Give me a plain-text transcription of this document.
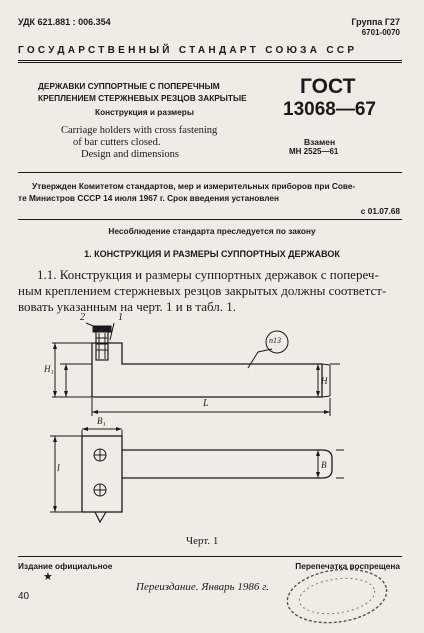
УДК 621.881 : 006.354	Группа Г27
6701-0070
ГОСУДАРСТВЕННЫЙ СТАНДАРТ СОЮЗА ССР
ДЕРЖАВКИ СУППОРТНЫЕ С ПОПЕРЕЧНЫМ
КРЕПЛЕНИЕМ СТЕРЖНЕВЫХ РЕЗЦОВ ЗАКРЫТЫЕ
Конструкция и размеры
Carriage holders with cross fastening
of bar cutters closed.
Design and dimensions
ГОСТ
13068—67
Взамен
МН 2525—61
Утвержден Комитетом стандартов, мер и измерительных приборов при Сове-
те Министров СССР 14 июля 1967 г. Срок введения установлен
с 01.07.68
Несоблюдение стандарта преследуется по закону
1. КОНСТРУКЦИЯ И РАЗМЕРЫ СУППОРТНЫХ ДЕРЖАВОК
1.1. Конструкция и размеры суппортных державок с попереч-
ным креплением стержневых резцов закрытых должны соответст-
вовать указанным на черт. 1 и в табл. 1.
2	1
H₁
H
L
B₁
l	B
n13
Черт. 1
Издание официальное	Перепечатка воспрещена
★
Переиздание. Январь 1986 г.
40
